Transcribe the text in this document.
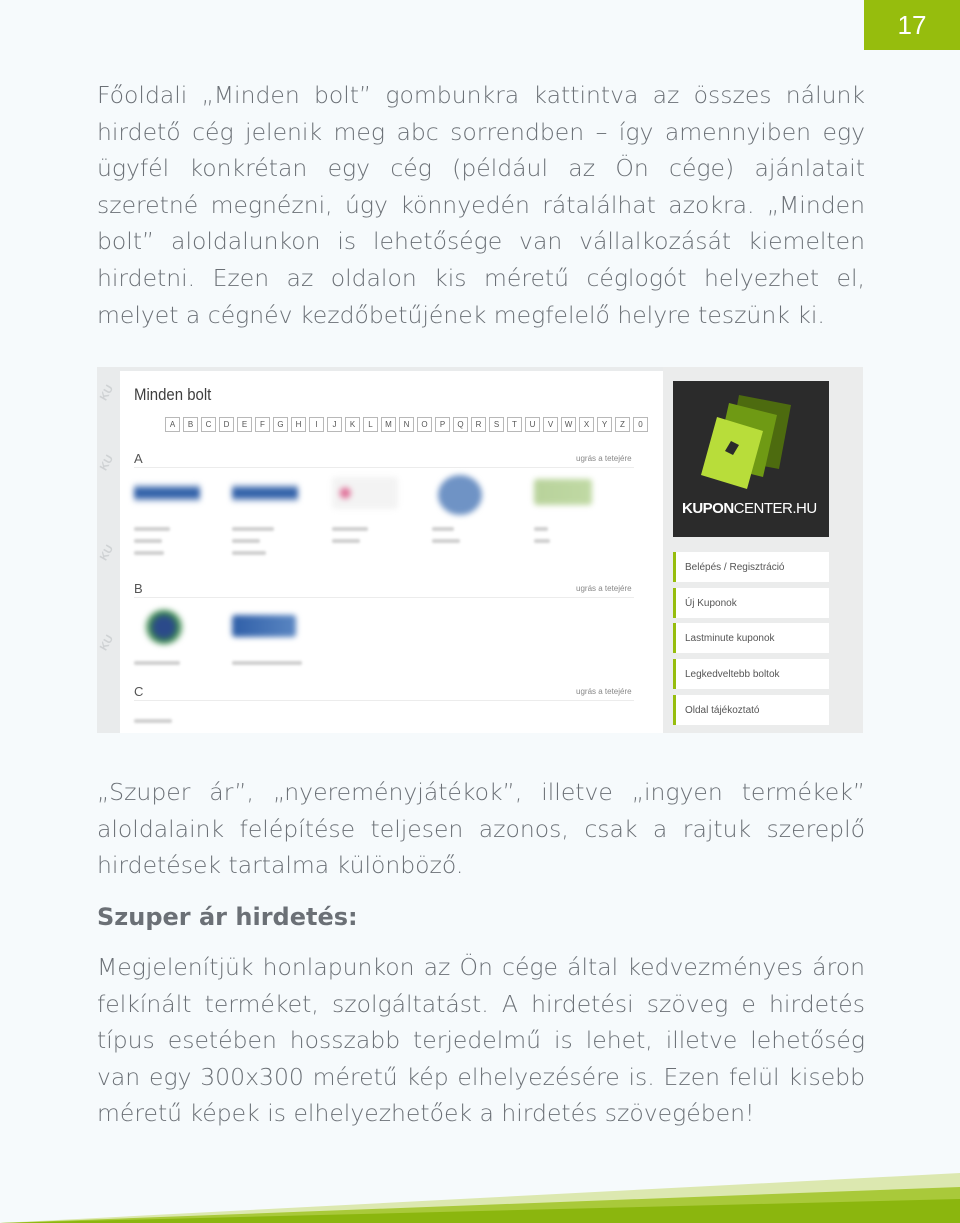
17

Főoldali „Minden bolt” gombunkra kattintva az összes nálunk hirdető cég jelenik meg abc sorrendben – így amennyiben egy ügyfél konkrétan egy cég (például az Ön cége) ajánlatait szeretné megnézni, úgy könnyedén rátalálhat azokra. „Minden bolt” aloldalunkon is lehetősége van vállalkozását kiemelten hirdetni. Ezen az oldalon kis méretű céglogót helyezhet el, melyet a cégnév kezdőbetűjének megfelelő helyre teszünk ki.

KU
KU
KU
KU
Minden bolt
A	B	C	D	E	F	G	H	I	J	K	L	M	N	O	P	Q	R	S	T	U	V	W	X	Y	Z	0
A	ugrás a tetejére
B	ugrás a tetejére
C	ugrás a tetejére
KUPONCENTER.HU
Belépés / Regisztráció
Új Kuponok
Lastminute kuponok
Legkedveltebb boltok
Oldal tájékoztató

„Szuper ár”, „nyereményjátékok”, illetve „ingyen termékek” aloldalaink felépítése teljesen azonos, csak a rajtuk szereplő hirdetések tartalma különböző.

Szuper ár hirdetés:

Megjelenítjük honlapunkon az Ön cége által kedvezményes áron felkínált terméket, szolgáltatást. A hirdetési szöveg e hirdetés típus esetében hosszabb terjedelmű is lehet, illetve lehetőség van egy 300x300 méretű kép elhelyezésére is. Ezen felül kisebb méretű képek is elhelyezhetőek a hirdetés szövegében!
